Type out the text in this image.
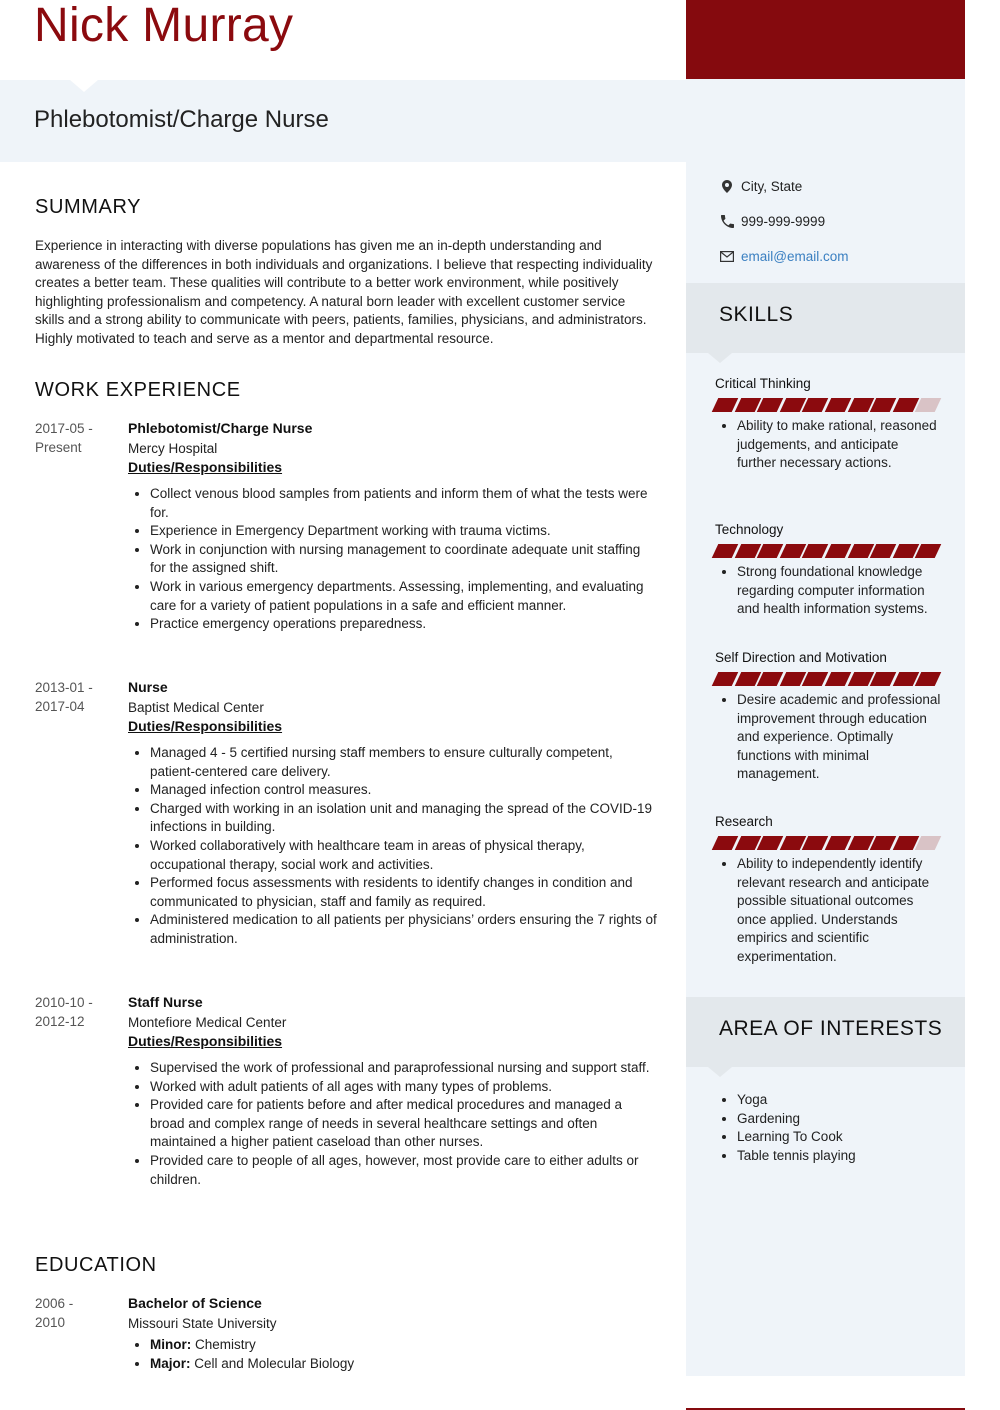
Nick Murray
Phlebotomist/Charge Nurse
City, State
999-999-9999
email@email.com
SKILLS
Critical Thinking
• Ability to make rational, reasoned judgements, and anticipate further necessary actions.
Technology
• Strong foundational knowledge regarding computer information and health information systems.
Self Direction and Motivation
• Desire academic and professional improvement through education and experience. Optimally functions with minimal management.
Research
• Ability to independently identify relevant research and anticipate possible situational outcomes once applied. Understands empirics and scientific experimentation.
AREA OF INTERESTS
• Yoga
• Gardening
• Learning To Cook
• Table tennis playing
SUMMARY

Experience in interacting with diverse populations has given me an in-depth understanding and awareness of the differences in both individuals and organizations. I believe that respecting individuality creates a better team. These qualities will contribute to a better work environment, while positively highlighting professionalism and competency. A natural born leader with excellent customer service skills and a strong ability to communicate with peers, patients, families, physicians, and administrators. Highly motivated to teach and serve as a mentor and departmental resource.

WORK EXPERIENCE
2017-05 - Present
Phlebotomist/Charge Nurse
Mercy Hospital
Duties/Responsibilities
• Collect venous blood samples from patients and inform them of what the tests were for.
• Experience in Emergency Department working with trauma victims.
• Work in conjunction with nursing management to coordinate adequate unit staffing for the assigned shift.
• Work in various emergency departments. Assessing, implementing, and evaluating care for a variety of patient populations in a safe and efficient manner.
• Practice emergency operations preparedness.
2013-01 - 2017-04
Nurse
Baptist Medical Center
Duties/Responsibilities
• Managed 4 - 5 certified nursing staff members to ensure culturally competent, patient-centered care delivery.
• Managed infection control measures.
• Charged with working in an isolation unit and managing the spread of the COVID-19 infections in building.
• Worked collaboratively with healthcare team in areas of physical therapy, occupational therapy, social work and activities.
• Performed focus assessments with residents to identify changes in condition and communicated to physician, staff and family as required.
• Administered medication to all patients per physicians’ orders ensuring the 7 rights of administration.
2010-10 - 2012-12
Staff Nurse
Montefiore Medical Center
Duties/Responsibilities
• Supervised the work of professional and paraprofessional nursing and support staff.
• Worked with adult patients of all ages with many types of problems.
• Provided care for patients before and after medical procedures and managed a broad and complex range of needs in several healthcare settings and often maintained a higher patient caseload than other nurses.
• Provided care to people of all ages, however, most provide care to either adults or children.
EDUCATION
2006 - 2010
Bachelor of Science
Missouri State University
• Minor: Chemistry
• Major: Cell and Molecular Biology
